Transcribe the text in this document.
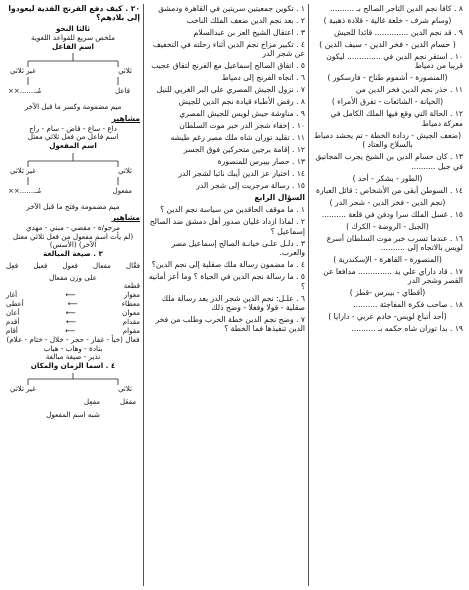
٨ . كافأ نجم الدين التاجر الصالح بـ ..........
(وسام شرف - خلعة غالية - قلادة ذهبية )
٩ . قد نجم الدين .............. قائدا للجيش
( حسام الدين - فخر الدين - سيف الدين )
١٠ . استقر نجم الدين في .............. ليكون قريبا من دمياط
(المنصورة - أشموم طناح - فارسكور )
١١ . حذر نجم الدين فخر الدين من
(الخيانة - الشائعات - تفرق الأمراء )
١٢ . الحالة التي وقع فيها الملك الكامل في معركة دمياط
(ضعف الجيش - ردادة الخطة - تم يحشد دمياط بالسلاح والعتاد )
١٣ . كان حسام الدين بن الشيخ يجرب المجانيق في جبل ..........
(الطور - يشكر - أحد )
١٤ . السوطن أبقى من الأشخاص : قائل العبارة
(نجم الدين - فخر الدين - شجر الدر )
١٥ . غسل الملك سرا ودفن في قلعة ..........
(الجبل - الروضة - الكرك )
١٦ . عندما تسرب خبر موت السلطان أسرع لويس بالاتجاه إلى ..........
(المنصورة - القاهرة - الإسكندرية )
١٧ . قاد داراي علي يد .............. مدافعا عن القصر وشجر الدر
(أقطاي - بيبرس -قطز )
١٨ . صاحب فكرة المفاجئة ..........
(أحد أتباع لويس- خادم عربي - دارايا )
١٩ . بدا توران شاه حكمه بـ ..........
١ . تكوين جمعيتين سريتين في القاهرة ودمشق
٢ . بعد نجم الدين ضعف الملك الناخب
٣ . اعتقال الشيخ العز بن عبدالسلام
٤ . تكبير مزاج نجم الدين أثناء رحلته في التخفيف عن شجر الدر
٥ . اتفاق الصالح إسماعيل مع الفرنج لتفاق عجيب
٦ . اتجاه الفرنج إلى دمياط
٧ . نزول الجيش المصري على البر الغربي للنيل
٨ . رفض الأطباء قيادة نجم الدين للجيش
٩ . مناوشة جيش لويس للجيش المصري
١٠ . إخفاء شجر الدر خبر موت السلطان
١١ . تقليد توران شاه ملك مصر رغم طيشه
١٢ . إقامة برجين متحركين فوق الجسر
١٣ . حصار بيبرس للمنصورة
١٤ . اختيار عز الدين أيبك نائبا لشجر الدر
١٥ . رسالة مرجريت إلى شجر الدر
السؤال الرابع
١ . ما موقف الحاقدين من سياسة نجم الدين ؟
٢ . لماذا ازداد غليان صدور أهل دمشق ضد الصالح إسماعيل ؟
٣ . دلـل علـى خيانـة الصالح إسماعيل مصر والعرب.
٤ . ما مضمون رسالة ملك صقلية إلى نجم الدين؟
٥ . ما رسالة نجم الدين في الحياة ؟ وما أعز أمانيه ؟
٦ . علـل: نجم الدين شجر الدر بعد رسالة ملك صقلية - قولا وفعلا - وضح ذلك
٧ . وضح نجم الدين خطة الحرب وطلب من فخر الدين تنفيذها فما الخطة ؟
٢٠ . كيف دفع الفرنج الفدية ليعودوا إلى بلادهم؟
ثالثا النحو
ملخص سريع للقواعد اللغوية
اسم الفاعل
ثلاثي
غير ثلاثي
فاعل
مُـ.......××
ميم مضمومة وكسر ما قبل الآخر
مشاهير
داع - ساع - قاض - سام - راج
اسم فاعل من فعل ثلاثي معتل
اسم المفعول
ثلاثي
غير ثلاثي
مفعول
مُـ.......××
ميم مضمومة وفتح ما قبل الآخر
مشاهير
مرجو/ة - مقضي - مبني - مهدي
(لم يأت اسم مفعول من فعل ثلاثي معتل الآخر) (الأسس)
٣ . صيغة المبالغة
فعَّال
مفعال
فعول
فعيل
فعِل
على وزن مفعال
قطعة
مغوار
⟵
أغار
معطاء
⟵
أعطى
معوان
⟵
أعان
مقدام
⟵
أقدم
مقوام
⟵
أقام
فعال (خبأ - غفار - حجر - خلال - ختام - علام)
بنادة - وهاب - هياب
نذير - صيغة مبالغة
٤ . اسما الزمان والمكان
ثلاثي
غير ثلاثي
مفعَل
مفعِل
شبه اسم المفعول
